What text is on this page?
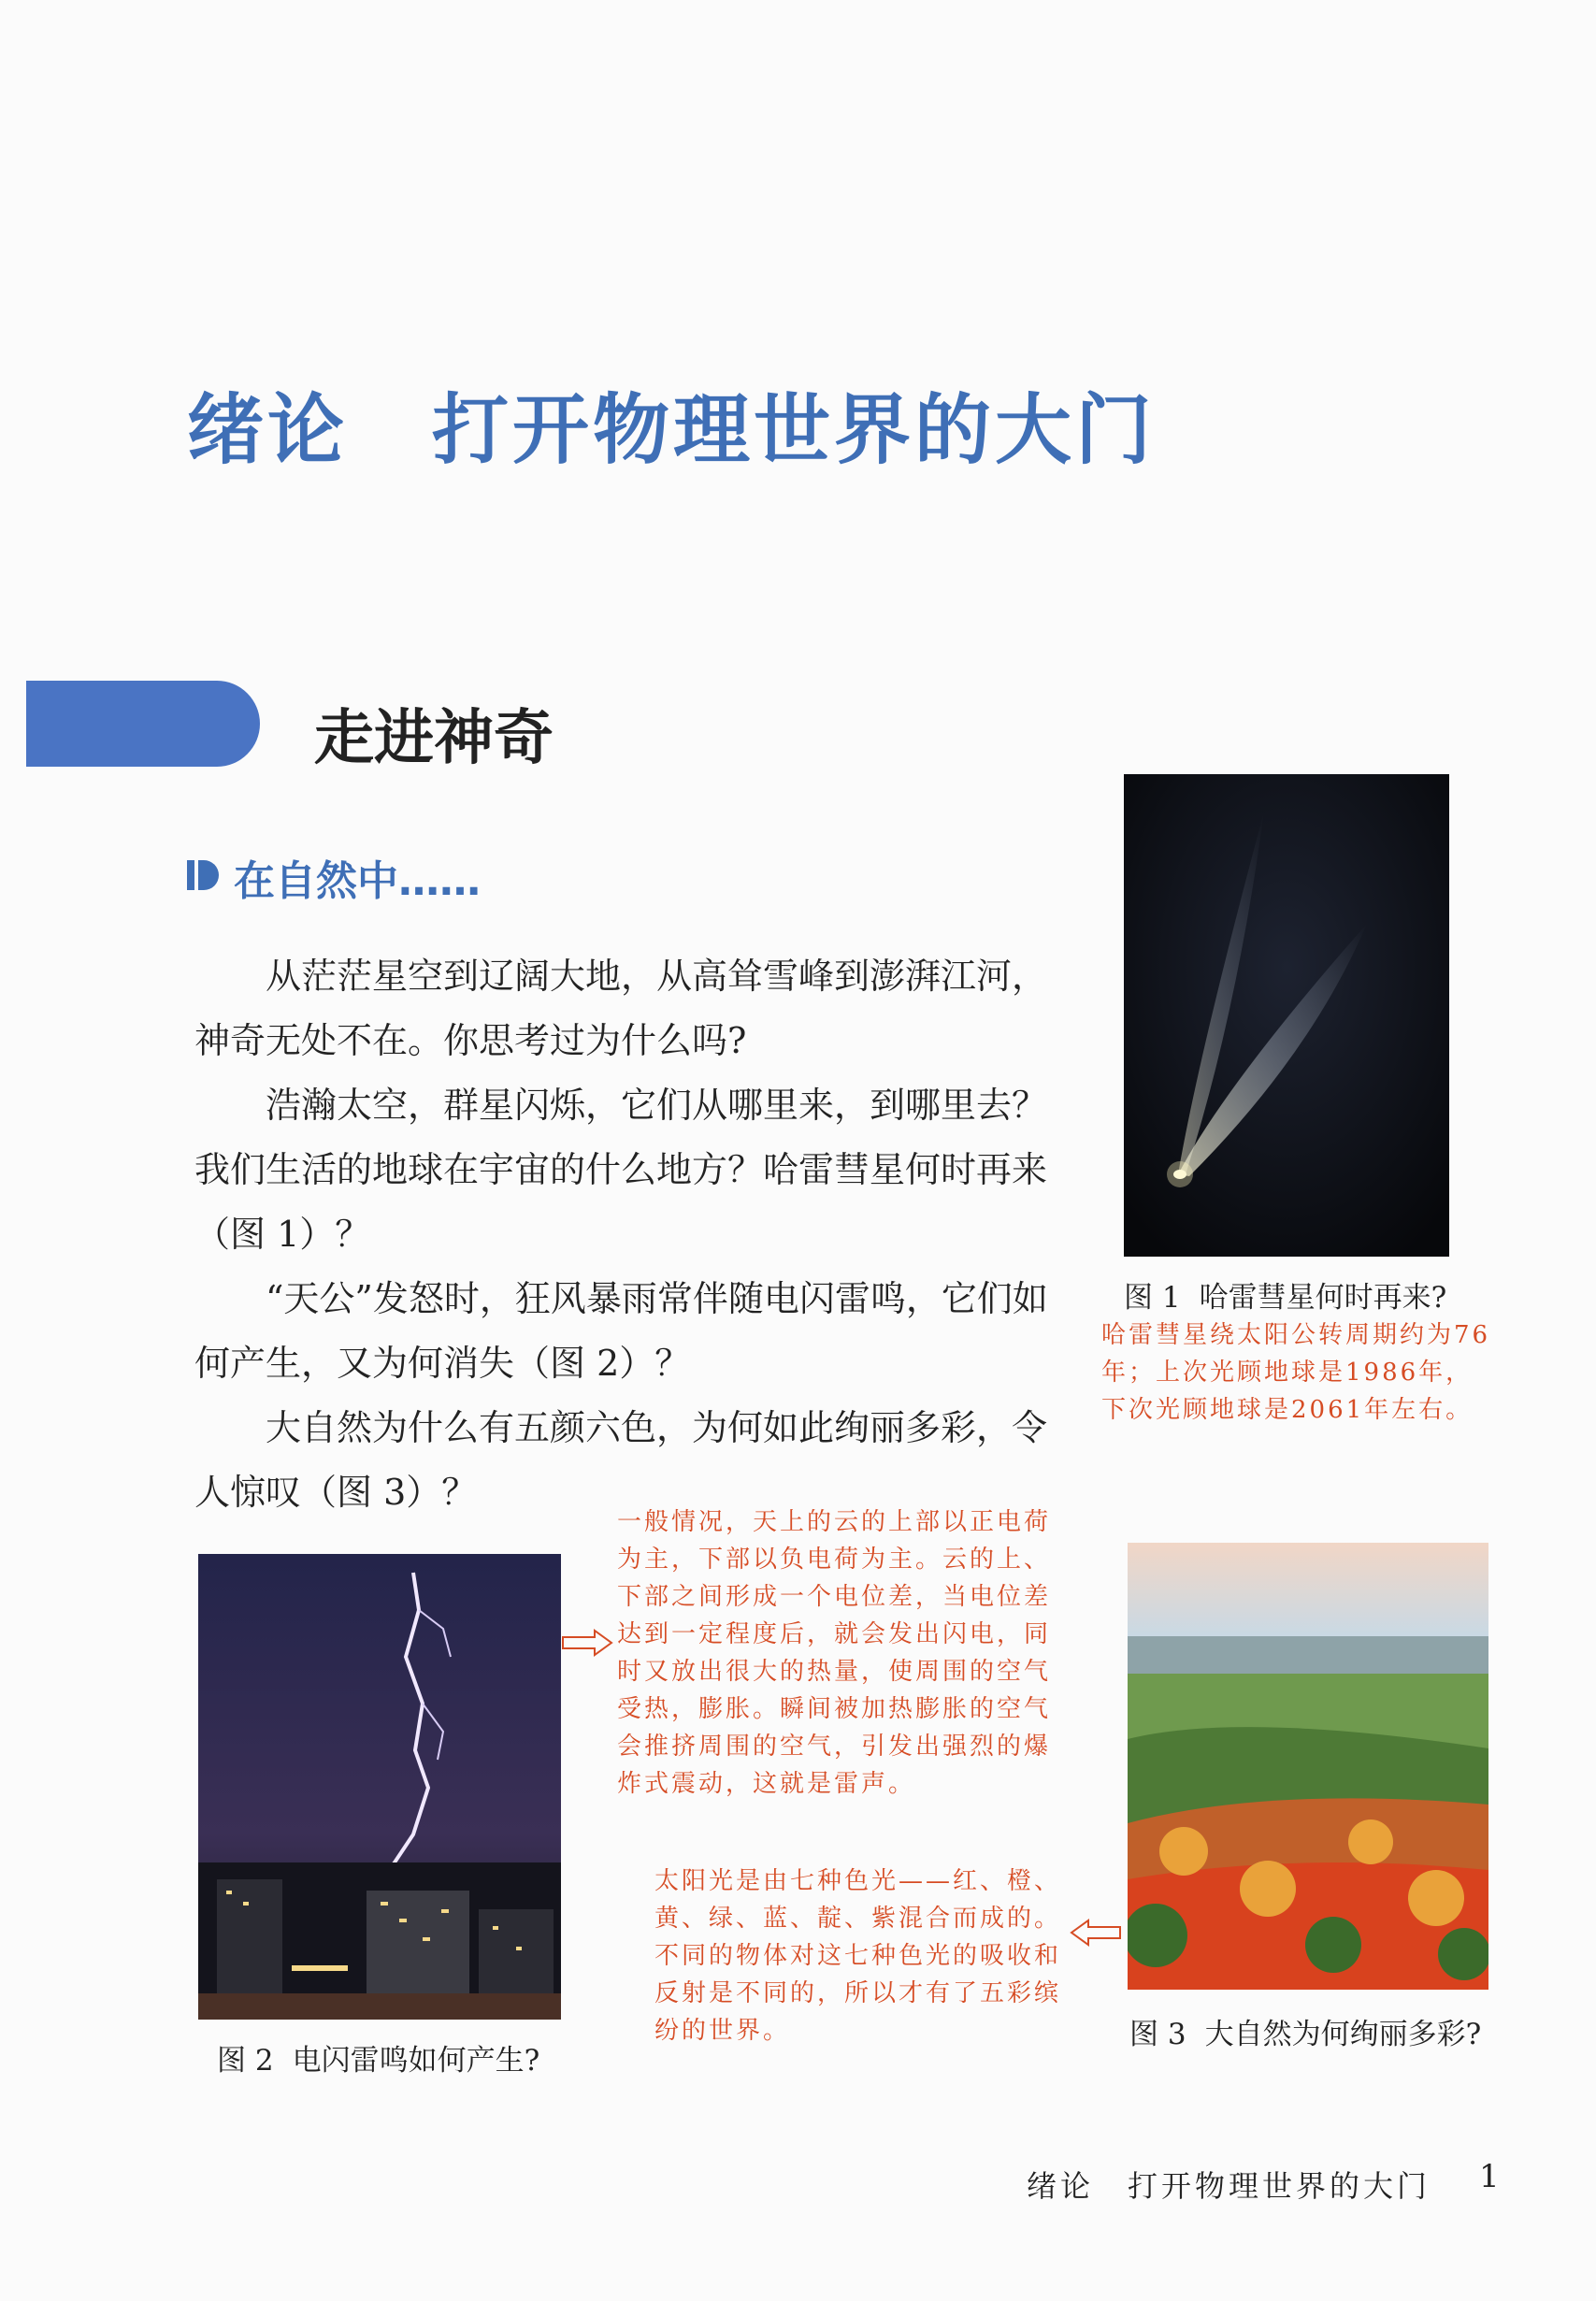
绪论 打开物理世界的大门
走进神奇
在自然中……

从茫茫星空到辽阔大地，从高耸雪峰到澎湃江河，神奇无处不在。你思考过为什么吗?

浩瀚太空，群星闪烁，它们从哪里来，到哪里去？我们生活的地球在宇宙的什么地方？哈雷彗星何时再来（图 1）？

“天公”发怒时，狂风暴雨常伴随电闪雷鸣，它们如何产生，又为何消失（图 2）？

大自然为什么有五颜六色，为何如此绚丽多彩，令人惊叹（图 3）？

图 1 哈雷彗星何时再来?
哈雷彗星绕太阳公转周期约为76年；上次光顾地球是1986年，下次光顾地球是2061年左右。
图 2 电闪雷鸣如何产生?
一般情况，天上的云的上部以正电荷为主，下部以负电荷为主。云的上、下部之间形成一个电位差，当电位差达到一定程度后，就会发出闪电，同时又放出很大的热量，使周围的空气受热，膨胀。瞬间被加热膨胀的空气会推挤周围的空气，引发出强烈的爆炸式震动，这就是雷声。
图 3 大自然为何绚丽多彩?
太阳光是由七种色光——红、橙、黄、绿、蓝、靛、紫混合而成的。不同的物体对这七种色光的吸收和反射是不同的，所以才有了五彩缤纷的世界。
绪论　打开物理世界的大门 1
